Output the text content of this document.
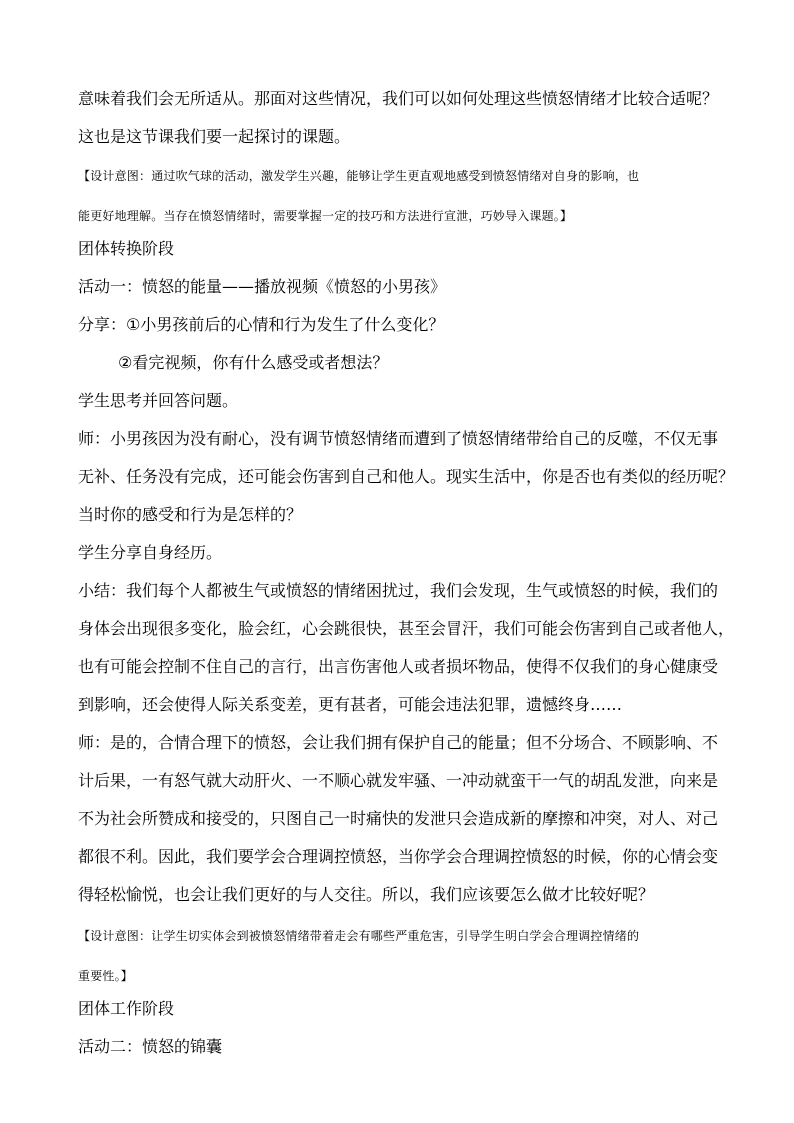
意味着我们会无所适从。那面对这些情况，我们可以如何处理这些愤怒情绪才比较合适呢？
这也是这节课我们要一起探讨的课题。
【设计意图：通过吹气球的活动，激发学生兴趣，能够让学生更直观地感受到愤怒情绪对自身的影响，也
能更好地理解。当存在愤怒情绪时，需要掌握一定的技巧和方法进行宣泄，巧妙导入课题。】
团体转换阶段
活动一：愤怒的能量——播放视频《愤怒的小男孩》
分享：①小男孩前后的心情和行为发生了什么变化？
②看完视频，你有什么感受或者想法？
学生思考并回答问题。
师：小男孩因为没有耐心，没有调节愤怒情绪而遭到了愤怒情绪带给自己的反噬，不仅无事
无补、任务没有完成，还可能会伤害到自己和他人。现实生活中，你是否也有类似的经历呢？
当时你的感受和行为是怎样的？
学生分享自身经历。
小结：我们每个人都被生气或愤怒的情绪困扰过，我们会发现，生气或愤怒的时候，我们的
身体会出现很多变化，脸会红，心会跳很快，甚至会冒汗，我们可能会伤害到自己或者他人，
也有可能会控制不住自己的言行，出言伤害他人或者损坏物品，使得不仅我们的身心健康受
到影响，还会使得人际关系变差，更有甚者，可能会违法犯罪，遗憾终身……
师：是的，合情合理下的愤怒，会让我们拥有保护自己的能量；但不分场合、不顾影响、不
计后果，一有怒气就大动肝火、一不顺心就发牢骚、一冲动就蛮干一气的胡乱发泄，向来是
不为社会所赞成和接受的，只图自己一时痛快的发泄只会造成新的摩擦和冲突，对人、对己
都很不利。因此，我们要学会合理调控愤怒，当你学会合理调控愤怒的时候，你的心情会变
得轻松愉悦，也会让我们更好的与人交往。所以，我们应该要怎么做才比较好呢？
【设计意图：让学生切实体会到被愤怒情绪带着走会有哪些严重危害，引导学生明白学会合理调控情绪的
重要性。】
团体工作阶段
活动二：愤怒的锦囊
